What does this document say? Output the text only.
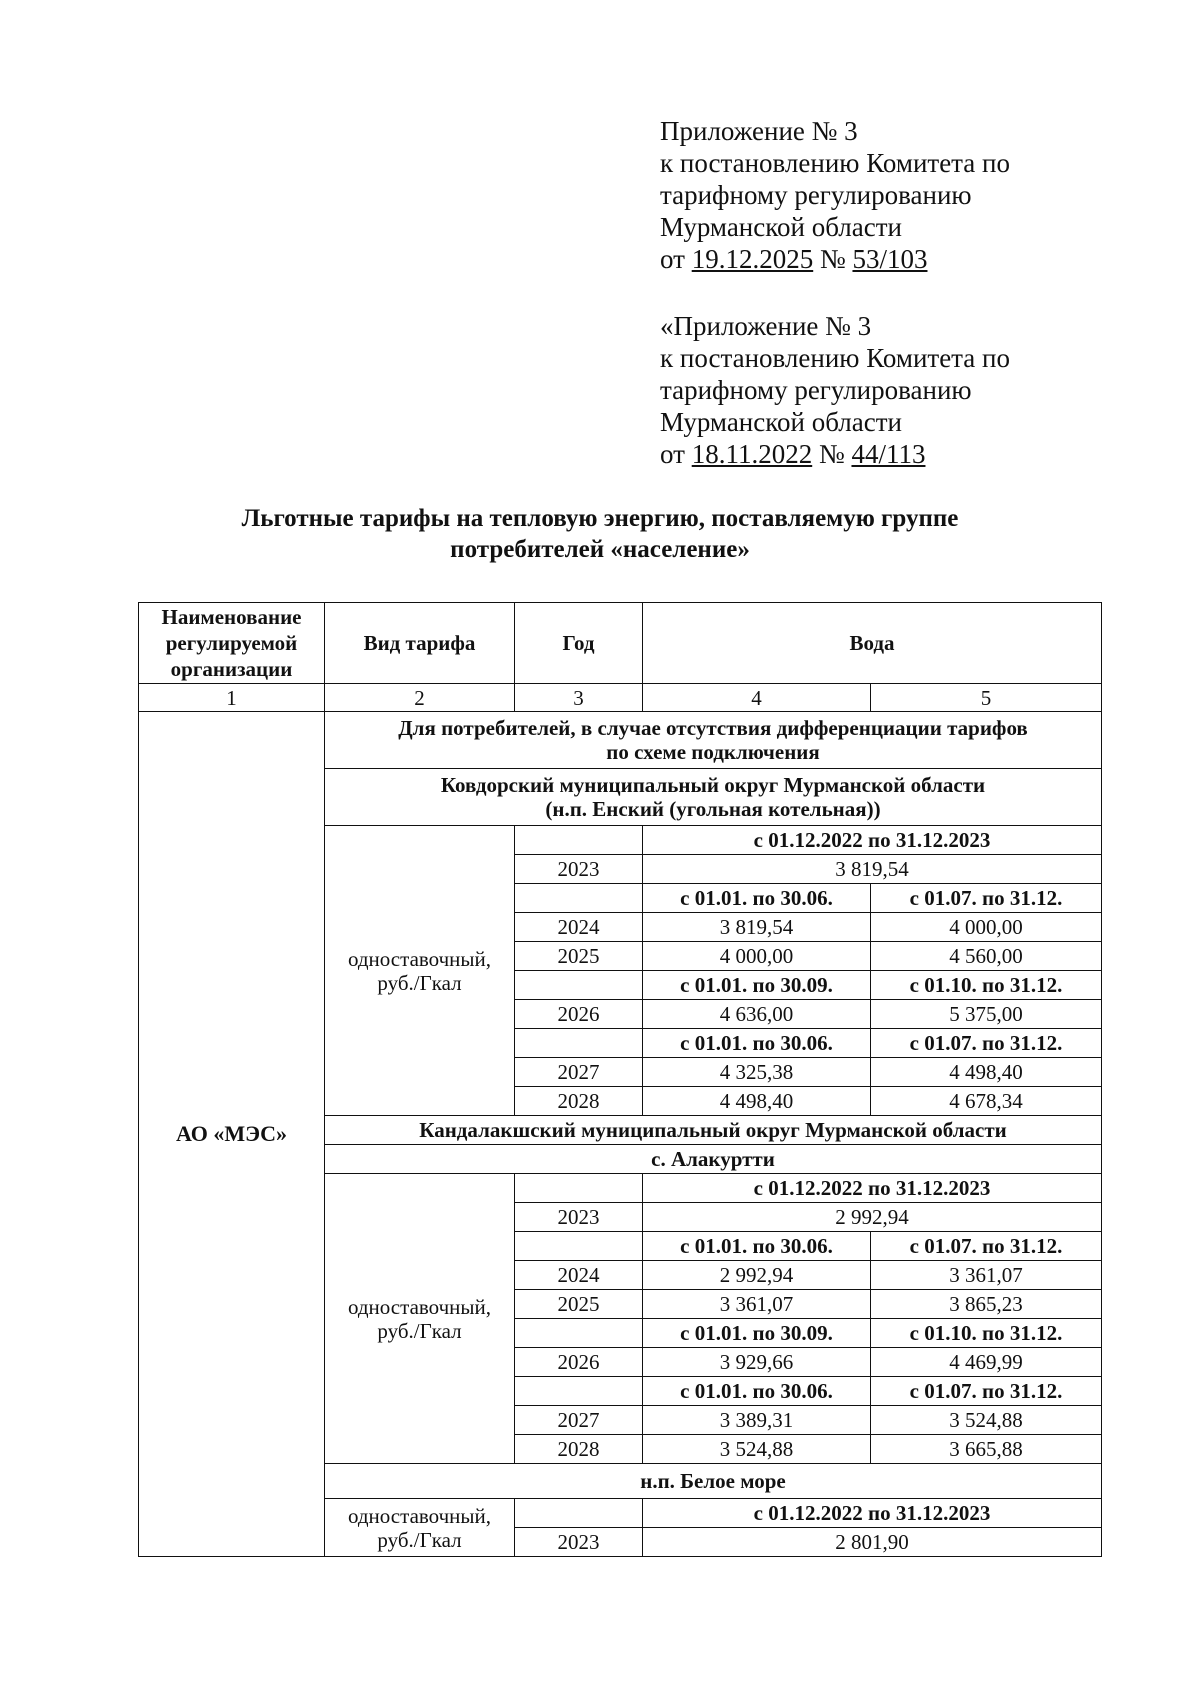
Приложение № 3
к постановлению Комитета по
тарифному регулированию
Мурманской области
от 19.12.2025 № 53/103
«Приложение № 3
к постановлению Комитета по
тарифному регулированию
Мурманской области
от 18.11.2022 № 44/113
Льготные тарифы на тепловую энергию, поставляемую группе
потребителей «население»
Наименование
регулируемой
организации	Вид тарифа	Год	Вода	
1	2	3	4	5
АО «МЭС»	Для потребителей, в случае отсутствия дифференциации тарифов
по схеме подключения			

	Ковдорский муниципальный округ Мурманской области
(н.п. Енский (угольная котельная))			

	одноставочный,
руб./Гкал		с 01.12.2022 по 31.12.2023	
		2023	3 819,54	
			с 01.01. по 30.06.	с 01.07. по 31.12.
		2024	3 819,54	4 000,00
		2025	4 000,00	4 560,00
			с 01.01. по 30.09.	с 01.10. по 31.12.
		2026	4 636,00	5 375,00
			с 01.01. по 30.06.	с 01.07. по 31.12.
		2027	4 325,38	4 498,40
		2028	4 498,40	4 678,34
	Кандалакшский муниципальный округ Мурманской области			
	с. Алакуртти			

	одноставочный,
руб./Гкал		с 01.12.2022 по 31.12.2023	
		2023	2 992,94	
			с 01.01. по 30.06.	с 01.07. по 31.12.
		2024	2 992,94	3 361,07
		2025	3 361,07	3 865,23
			с 01.01. по 30.09.	с 01.10. по 31.12.
		2026	3 929,66	4 469,99
			с 01.01. по 30.06.	с 01.07. по 31.12.
		2027	3 389,31	3 524,88
		2028	3 524,88	3 665,88
	н.п. Белое море			

	одноставочный,
руб./Гкал		с 01.12.2022 по 31.12.2023	
		2023	2 801,90	
